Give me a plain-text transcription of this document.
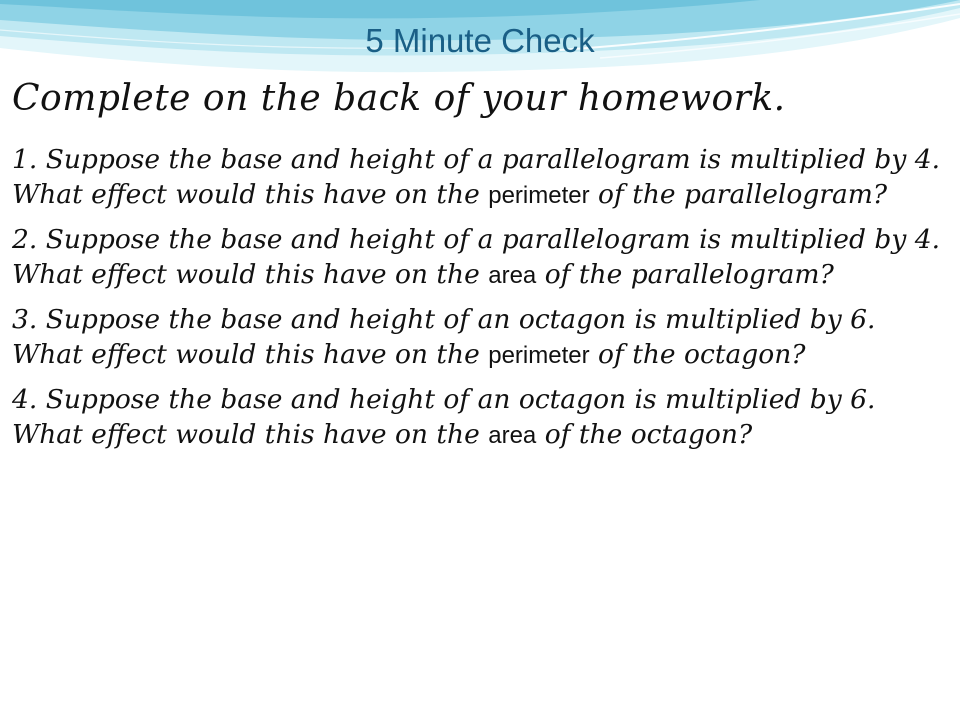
5 Minute Check
Complete on the back of your homework.

1. Suppose the base and height of a parallelogram is multiplied by 4. What effect would this have on the perimeter of the parallelogram?

2. Suppose the base and height of a parallelogram is multiplied by 4. What effect would this have on the area of the parallelogram?

3. Suppose the base and height of an octagon is multiplied by 6. What effect would this have on the perimeter of the octagon?

4. Suppose the base and height of an octagon is multiplied by 6. What effect would this have on the area of the octagon?
